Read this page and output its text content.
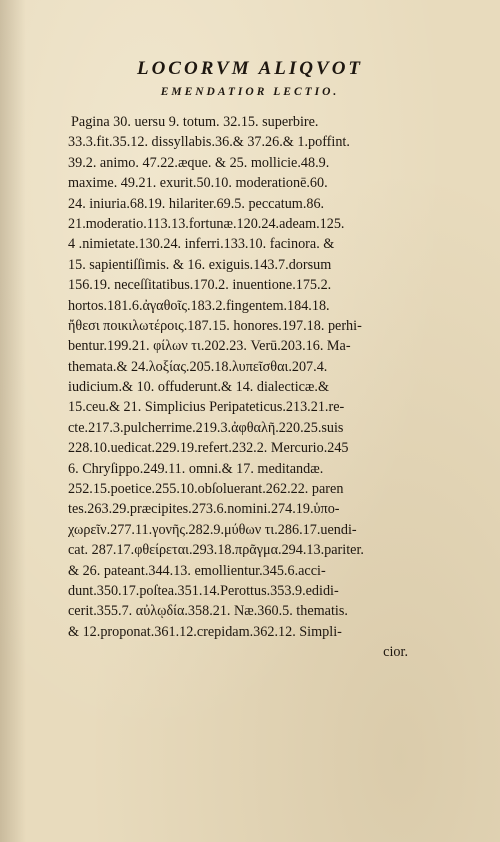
LOCORVM ALIQVOT
EMENDATIOR LECTIO.
Pagina 30. uersu 9. totum. 32.15. superbire.
33.3.fit.35.12. dissyllabis.36.& 37.26.& 1.poffint.
39.2. animo. 47.22.æque. & 25. mollicie.48.9.
maxime. 49.21. exurit.50.10. moderationē.60.
24. iniuria.68.19. hilariter.69.5. peccatum.86.
21.moderatio.113.13.fortunæ.120.24.adeam.125.
4 .nimietate.130.24. inferri.133.10. facinora. &
15. sapientiſſimis. & 16. exiguis.143.7.dorsum
156.19. neceſſitatibus.170.2. inuentione.175.2.
hortos.181.6.ἀγαθοῖς.183.2.fingentem.184.18.
ἤθεσι ποικιλωτέροις.187.15. honores.197.18. perhi-
bentur.199.21. φίλων τι.202.23. Verū.203.16. Ma-
themata.& 24.λοξίας.205.18.λυπεῖσθαι.207.4.
iudicium.& 10. offuderunt.& 14. dialecticæ.&
15.ceu.& 21. Simplicius Peripateticus.213.21.re-
cte.217.3.pulcherrime.219.3.ἀφθαλῆ.220.25.suis
228.10.uedicat.229.19.refert.232.2. Mercurio.245
6. Chryſippo.249.11. omni.& 17. meditandæ.
252.15.poetice.255.10.obſoluerant.262.22. paren
tes.263.29.præcipites.273.6.nomini.274.19.ὑπο-
χωρεῖν.277.11.γονῆς.282.9.μύθων τι.286.17.uendi-
cat. 287.17.φθείρεται.293.18.πρᾶγμα.294.13.pariter.
& 26. pateant.344.13. emollientur.345.6.acci-
dunt.350.17.poſtea.351.14.Perottus.353.9.edidi-
cerit.355.7. αὐλῳδία.358.21. Næ.360.5. thematis.
& 12.proponat.361.12.crepidam.362.12. Simpli-
cior.
